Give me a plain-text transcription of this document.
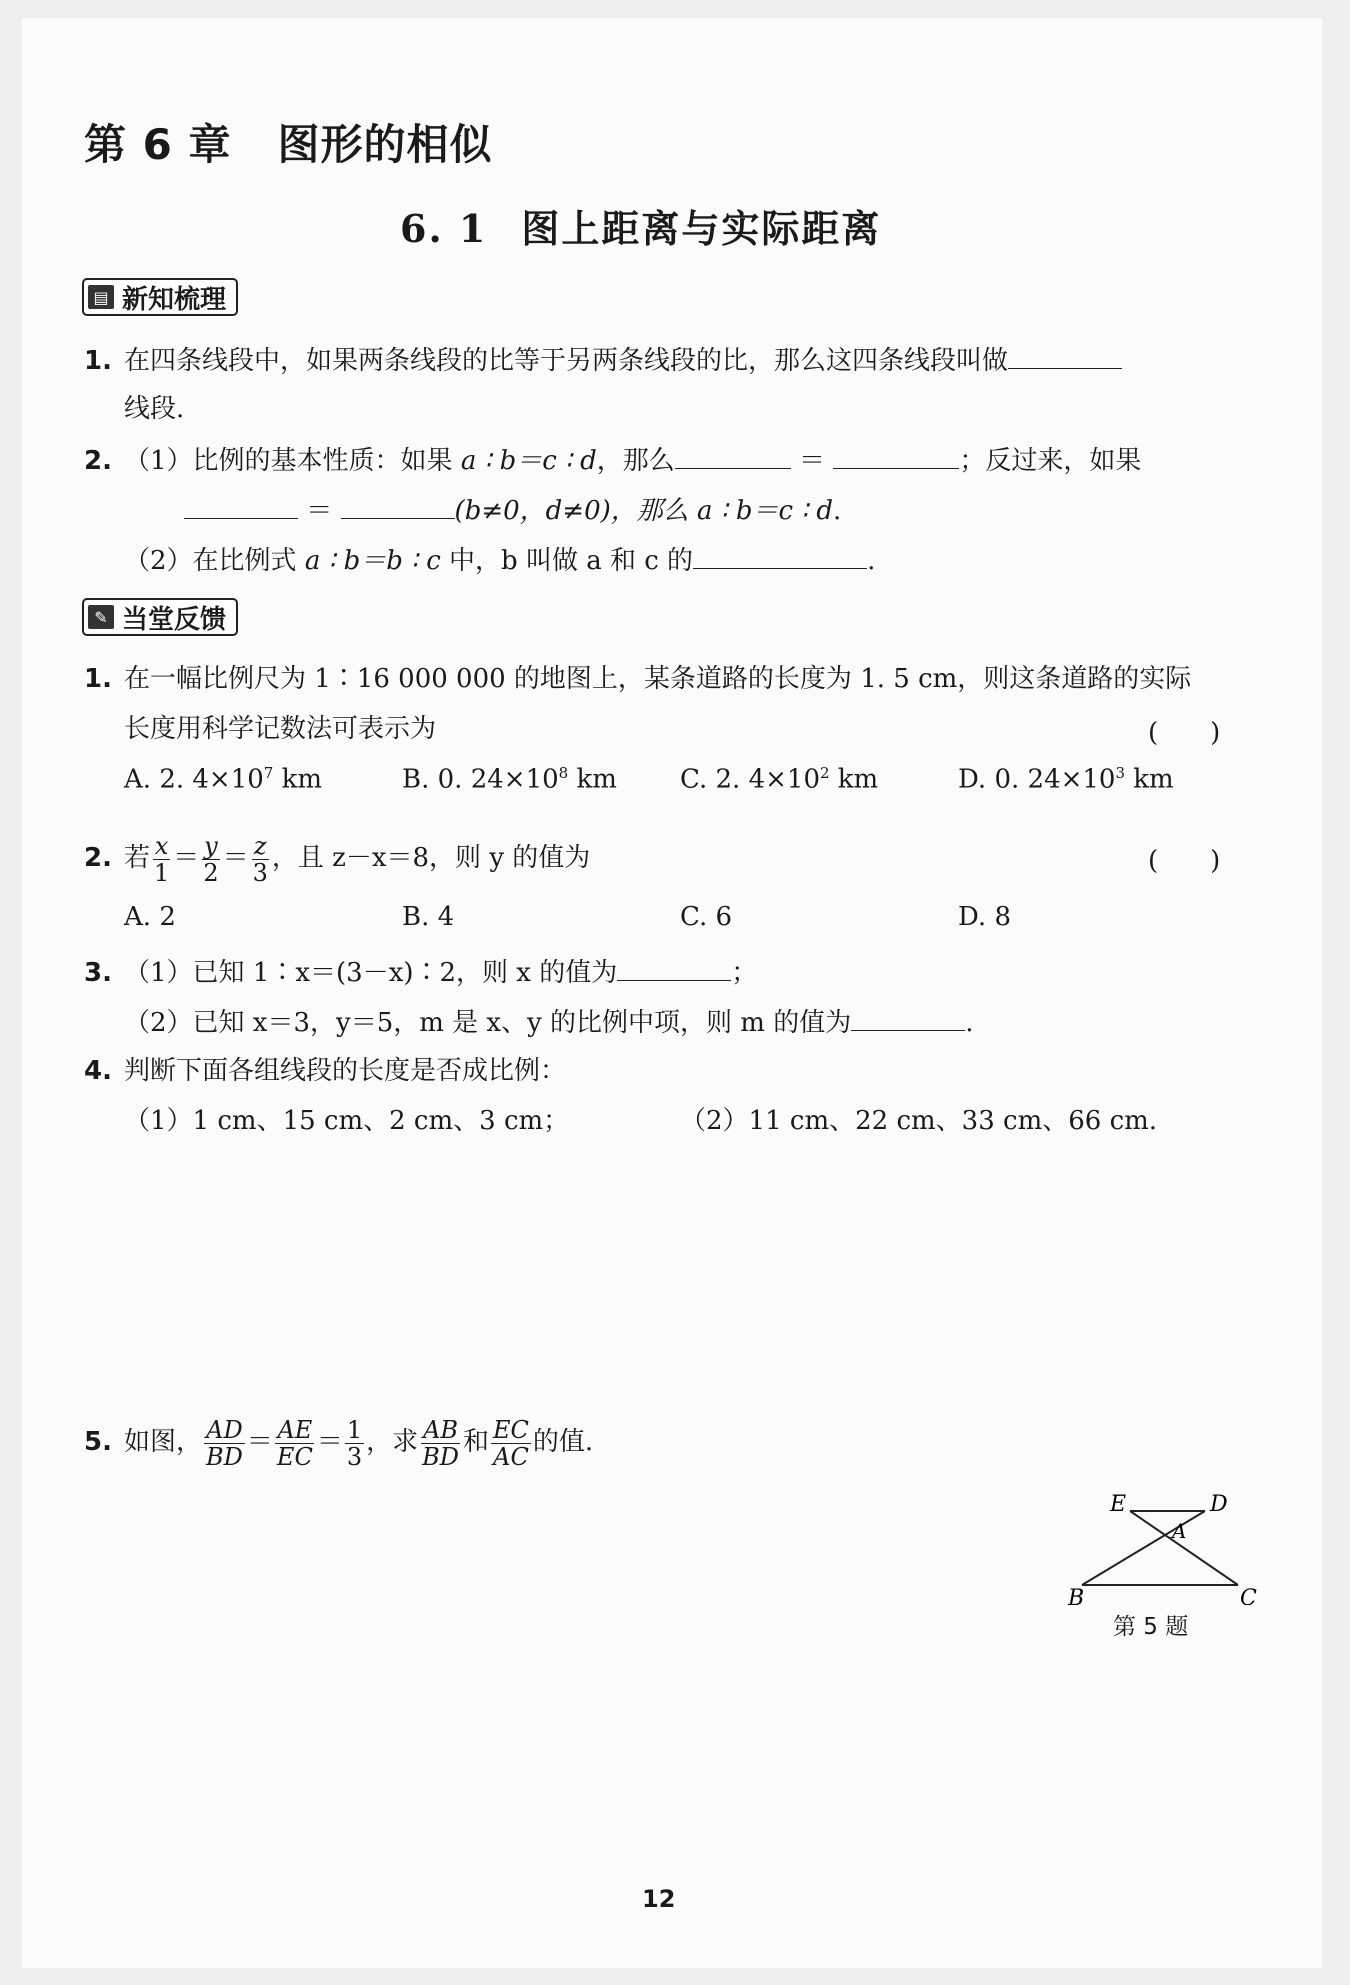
第 6 章 图形的相似
6. 1 图上距离与实际距离
▤ 新知梳理
1. 在四条线段中，如果两条线段的比等于另两条线段的比，那么这四条线段叫做
线段.
2. （1）比例的基本性质：如果 a ∶ b＝c ∶ d，那么	＝	；反过来，如果
＝	(b≠0，d≠0)，那么 a ∶ b＝c ∶ d.
（2）在比例式 a ∶ b＝b ∶ c 中，b 叫做 a 和 c 的	.
✎ 当堂反馈
1. 在一幅比例尺为 1∶16 000 000 的地图上，某条道路的长度为 1. 5 cm，则这条道路的实际
长度用科学记数法可表示为	(　　)
A. 2. $4\times 10^7$ km	B. 0. $24\times 10^8$ km C. 2. $4\times 10^2$ km	D. 0. $24\times 10^3$ km
2. 若 $\frac{x}{1} = \frac{y}{2} = \frac{z}{3}$ ，且 z－x＝8，则 y 的值为	(　　)
A. 2	B. 4	C. 6	D. 8
3. （1）已知 1∶x＝(3－x)∶2，则 x 的值为	；
（2）已知 x＝3，y＝5，m 是 x、y 的比例中项，则 m 的值为	.
4. 判断下面各组线段的长度是否成比例：
（1）1 cm、15 cm、2 cm、3 cm；	（2）11 cm、22 cm、33 cm、66 cm.
5. 如图， $\frac{AD}{BD} = \frac{AE}{EC} = \frac{1}{3}$ ，求 $\frac{AB}{BD}$ 和 $\frac{EC}{AC}$ 的值.
E	D
A
B	C
第 5 题
12
